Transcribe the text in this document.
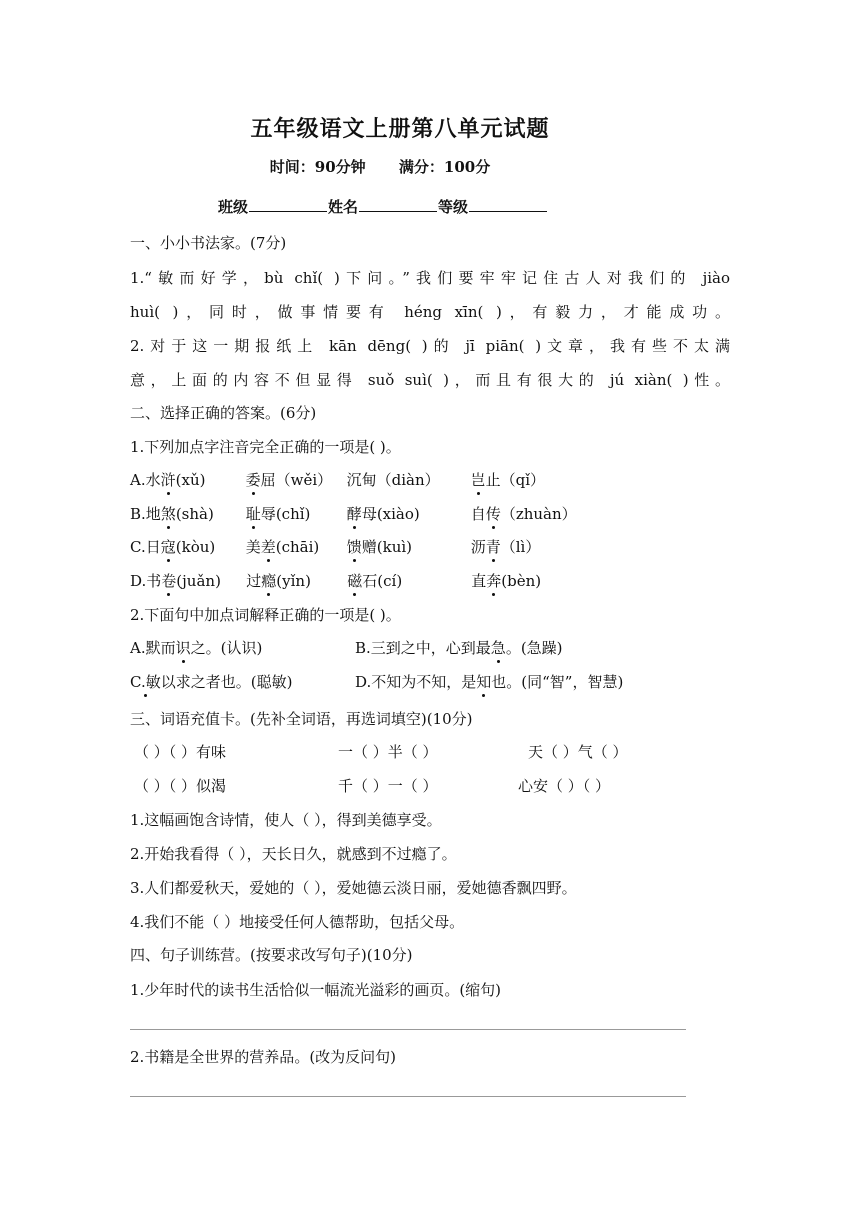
五年级语文上册第八单元试题
时间：90分钟 满分：100分
班级	姓名	等级
一、小小书法家。(7分)
1.“敏而好学，bù chǐ( )下问。”我们要牢牢记住古人对我们的 jiào
huì( )，同时，做事情要有 héng xīn( )，有毅力，才能成功。
2.对于这一期报纸上 kān dēng( )的 jī piān( )文章，我有些不太满
意，上面的内容不但显得 suǒ suì( )，而且有很大的 jú xiàn( )性。
二、选择正确的答案。(6分)
1.下列加点字注音完全正确的一项是( )。
A.水浒(xǔ)	委屈（wěi） 沉甸（diàn） 岂止（qǐ）
B.地煞(shà) 耻辱(chǐ) 酵母(xiào)	自传（zhuàn）
C.日寇(kòu) 美差(chāi) 馈赠(kuì)	沥青（lì）
D.书卷(juǎn) 过瘾(yǐn) 磁石(cí)	直奔(bèn)
2.下面句中加点词解释正确的一项是( )。
A.默而识之。(认识)	B.三到之中，心到最急。(急躁)
C.敏以求之者也。(聪敏)	D.不知为不知，是知也。(同“智”，智慧)
三、词语充值卡。(先补全词语，再选词填空)(10分)
（ ）（ ）有味	一（ ）半（ ）	天（ ）气（ ）
（ ）（ ）似渴	千（ ）一（ ）	心安（ ）（ ）
1.这幅画饱含诗情，使人（ ），得到美德享受。
2.开始我看得（ ），天长日久，就感到不过瘾了。
3.人们都爱秋天，爱她的（ ），爱她德云淡日丽，爱她德香飘四野。
4.我们不能（ ）地接受任何人德帮助，包括父母。
四、句子训练营。(按要求改写句子)(10分)
1.少年时代的读书生活恰似一幅流光溢彩的画页。(缩句)
2.书籍是全世界的营养品。(改为反问句)
